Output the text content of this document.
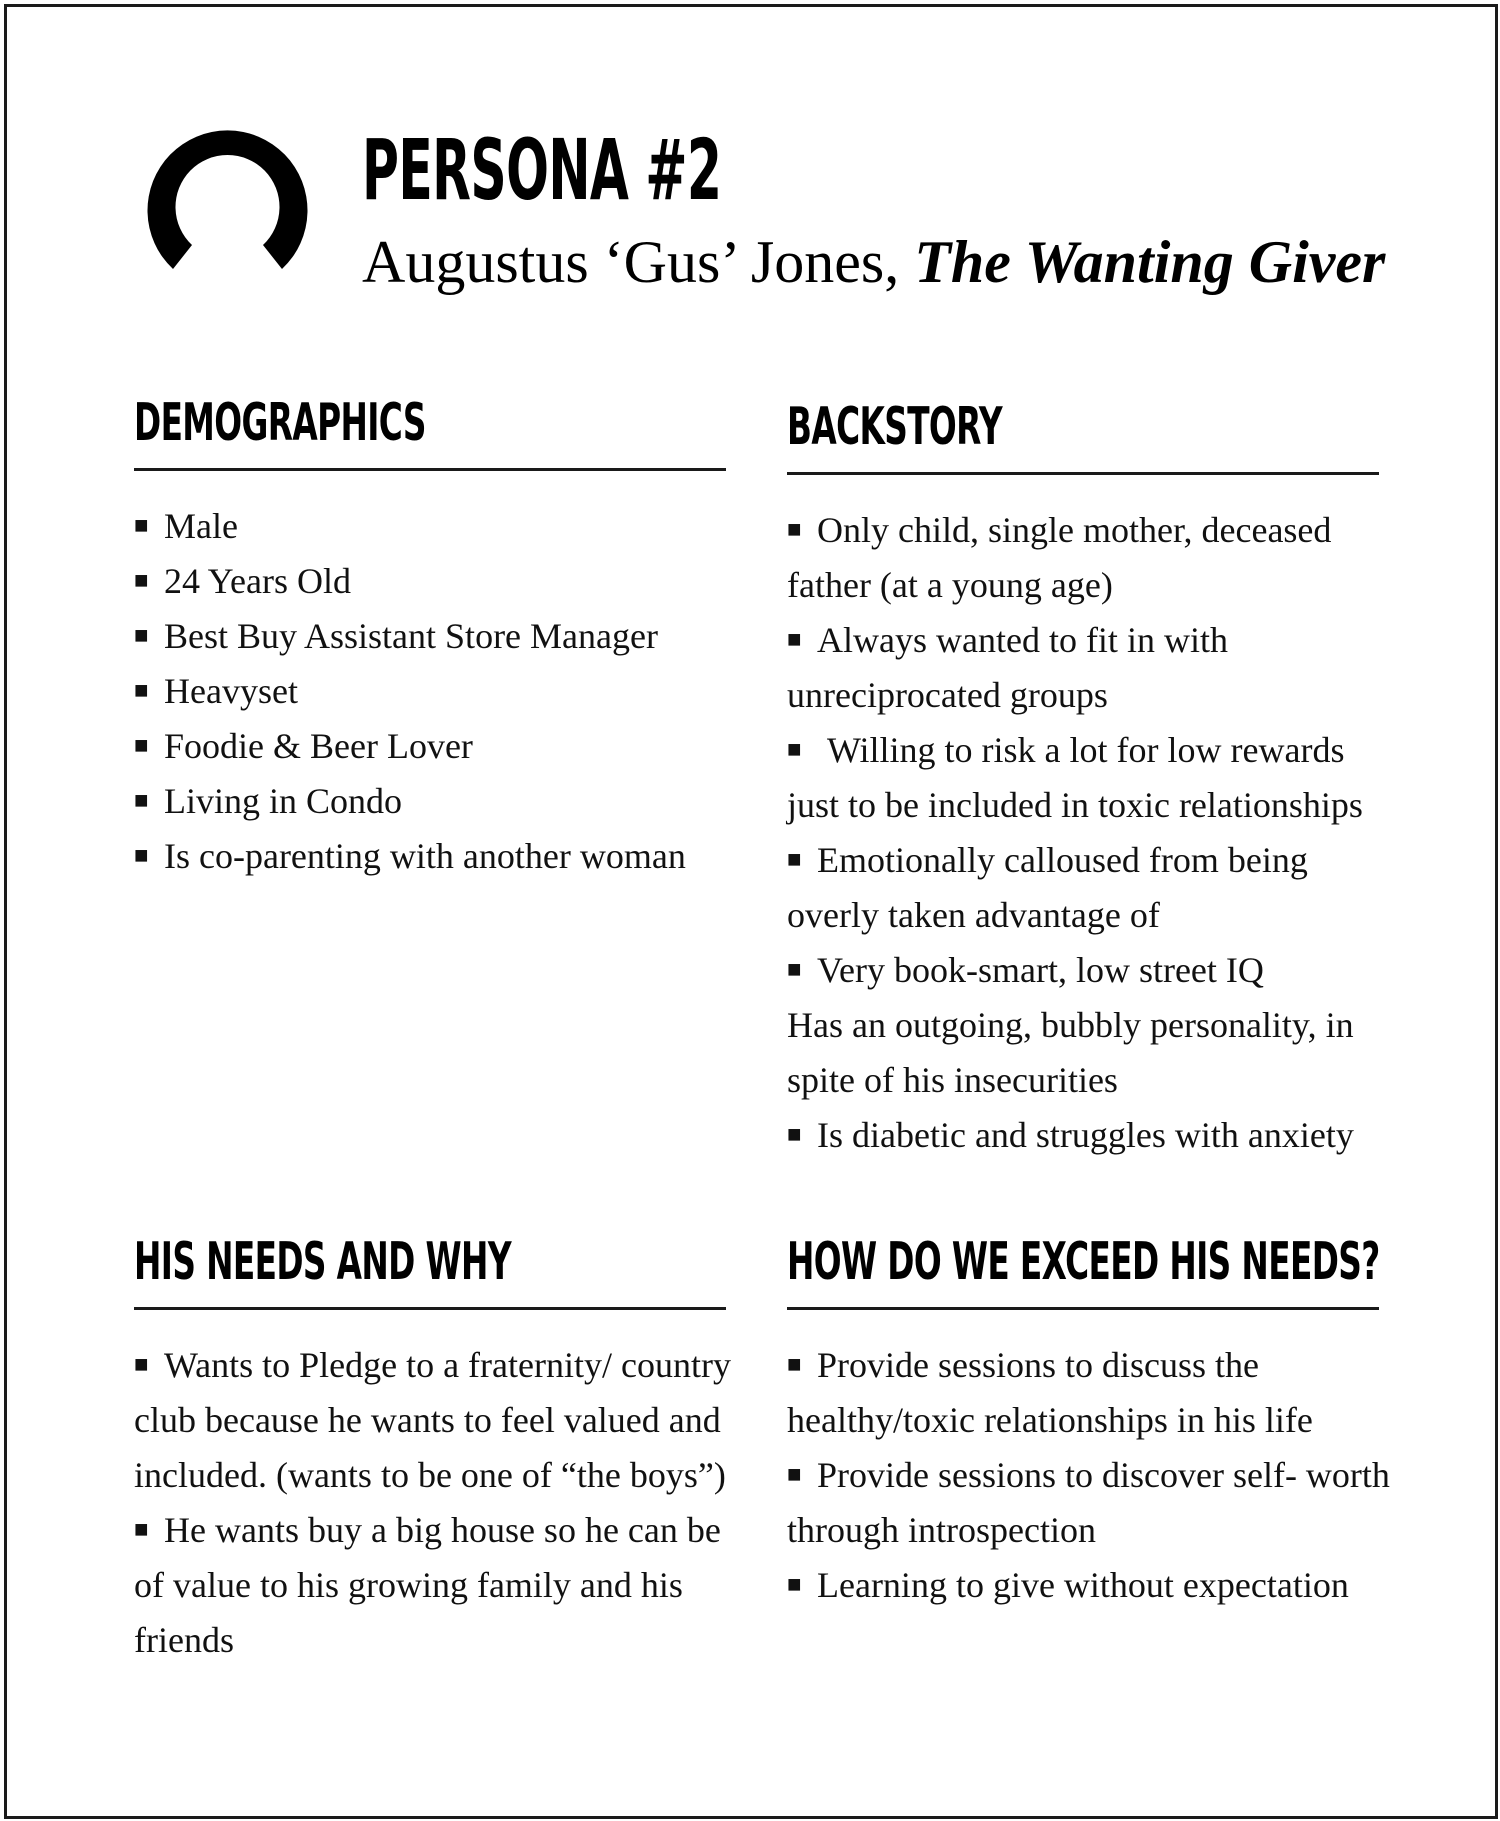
PERSONA #2
Augustus ‘Gus’ Jones, The Wanting Giver
DEMOGRAPHICS
■ Male
■ 24 Years Old
■ Best Buy Assistant Store Manager
■ Heavyset
■ Foodie & Beer Lover
■ Living in Condo
■ Is co-parenting with another woman
BACKSTORY
■ Only child, single mother, deceased father (at a young age)
■ Always wanted to fit in with unreciprocated groups
■ Willing to risk a lot for low rewards just to be included in toxic relationships
■ Emotionally calloused from being overly taken advantage of
■ Very book-smart, low street IQ
Has an outgoing, bubbly personality, in spite of his insecurities
■ Is diabetic and struggles with anxiety
HIS NEEDS AND WHY
■ Wants to Pledge to a fraternity/ country club because he wants to feel valued and included. (wants to be one of “the boys”)
■ He wants buy a big house so he can be of value to his growing family and his friends
HOW DO WE EXCEED HIS NEEDS?
■ Provide sessions to discuss the healthy/toxic relationships in his life
■ Provide sessions to discover self- worth through introspection
■ Learning to give without expectation
